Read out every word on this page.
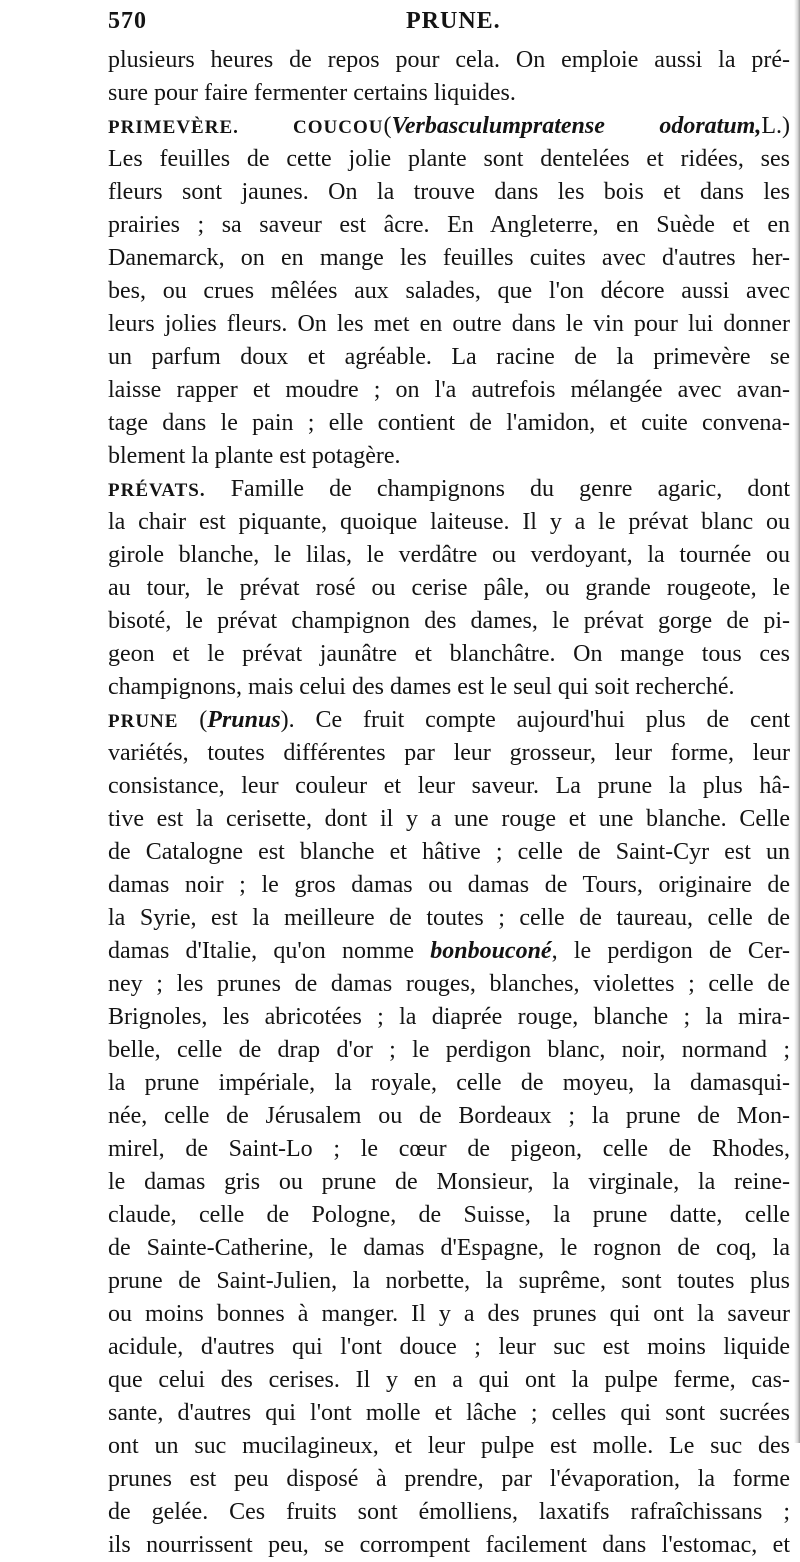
570	PRUNE.
plusieurs heures de repos pour cela. On emploie aussi la pré-
sure pour faire fermenter certains liquides.
PRIMEVÈRE. COUCOU(Verbasculumpratense odoratum,L.)
Les feuilles de cette jolie plante sont dentelées et ridées, ses
fleurs sont jaunes. On la trouve dans les bois et dans les
prairies ; sa saveur est âcre. En Angleterre, en Suède et en
Danemarck, on en mange les feuilles cuites avec d'autres her-
bes, ou crues mêlées aux salades, que l'on décore aussi avec
leurs jolies fleurs. On les met en outre dans le vin pour lui donner
un parfum doux et agréable. La racine de la primevère se
laisse rapper et moudre ; on l'a autrefois mélangée avec avan-
tage dans le pain ; elle contient de l'amidon, et cuite convena-
blement la plante est potagère.
PRÉVATS. Famille de champignons du genre agaric, dont
la chair est piquante, quoique laiteuse. Il y a le prévat blanc ou
girole blanche, le lilas, le verdâtre ou verdoyant, la tournée ou
au tour, le prévat rosé ou cerise pâle, ou grande rougeote, le
bisoté, le prévat champignon des dames, le prévat gorge de pi-
geon et le prévat jaunâtre et blanchâtre. On mange tous ces
champignons, mais celui des dames est le seul qui soit recherché.
PRUNE (Prunus). Ce fruit compte aujourd'hui plus de cent
variétés, toutes différentes par leur grosseur, leur forme, leur
consistance, leur couleur et leur saveur. La prune la plus hâ-
tive est la cerisette, dont il y a une rouge et une blanche. Celle
de Catalogne est blanche et hâtive ; celle de Saint-Cyr est un
damas noir ; le gros damas ou damas de Tours, originaire de
la Syrie, est la meilleure de toutes ; celle de taureau, celle de
damas d'Italie, qu'on nomme bonbouconé, le perdigon de Cer-
ney ; les prunes de damas rouges, blanches, violettes ; celle de
Brignoles, les abricotées ; la diaprée rouge, blanche ; la mira-
belle, celle de drap d'or ; le perdigon blanc, noir, normand ;
la prune impériale, la royale, celle de moyeu, la damasqui-
née, celle de Jérusalem ou de Bordeaux ; la prune de Mon-
mirel, de Saint-Lo ; le cœur de pigeon, celle de Rhodes,
le damas gris ou prune de Monsieur, la virginale, la reine-
claude, celle de Pologne, de Suisse, la prune datte, celle
de Sainte-Catherine, le damas d'Espagne, le rognon de coq, la
prune de Saint-Julien, la norbette, la suprême, sont toutes plus
ou moins bonnes à manger. Il y a des prunes qui ont la saveur
acidule, d'autres qui l'ont douce ; leur suc est moins liquide
que celui des cerises. Il y en a qui ont la pulpe ferme, cas-
sante, d'autres qui l'ont molle et lâche ; celles qui sont sucrées
ont un suc mucilagineux, et leur pulpe est molle. Le suc des
prunes est peu disposé à prendre, par l'évaporation, la forme
de gelée. Ces fruits sont émolliens, laxatifs rafraîchissans ;
ils nourrissent peu, se corrompent facilement dans l'estomac, et
